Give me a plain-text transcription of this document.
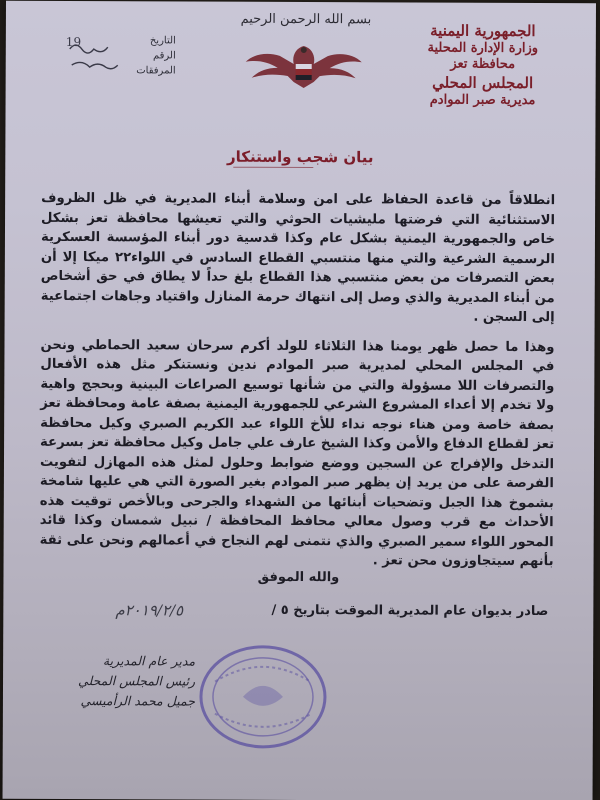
الجمهورية اليمنية
وزارة الإدارة المحلية
محافظة تعز
المجلس المحلي
مديرية صبر الموادم
بسم الله الرحمن الرحيم
التاريخ
19
الرقم
المرفقات
بيان شجب واستنكار

انطلاقاً من قاعدة الحفاظ على امن وسلامة أبناء المديرية في ظل الظروف الاستثنائية التي فرضتها مليشيات الحوثي والتي تعيشها محافظة تعز بشكل خاص والجمهورية اليمنية بشكل عام وكذا قدسية دور أبناء المؤسسة العسكرية الرسمية الشرعية والتي منها منتسبي القطاع السادس في اللواء٢٢ ميكا إلا أن بعض التصرفات من بعض منتسبي هذا القطاع بلغ حداً لا يطاق في حق أشخاص من أبناء المديرية والذي وصل إلى انتهاك حرمة المنازل واقتياد وجاهات اجتماعية إلى السجن .

وهذا ما حصل ظهر يومنا هذا الثلاثاء للولد أكرم سرحان سعيد الحماطي ونحن في المجلس المحلي لمديرية صبر الموادم ندين ونستنكر مثل هذه الأفعال والتصرفات اللا مسؤولة والتي من شأنها توسيع الصراعات البينية وبحجج واهية ولا تخدم إلا أعداء المشروع الشرعي للجمهورية اليمنية بصفة عامة ومحافظة تعز بصفة خاصة ومن هناء نوجه نداء للأخ اللواء عبد الكريم الصبري وكيل محافظة تعز لقطاع الدفاع والأمن وكذا الشيخ عارف علي جامل وكيل محافظة تعز بسرعة التدخل والإفراج عن السجين ووضع ضوابط وحلول لمثل هذه المهازل لتفويت الفرصة على من يريد إن يظهر صبر الموادم بغير الصورة التي هي عليها شامخة بشموخ هذا الجبل وتضحيات أبنائها من الشهداء والجرحى وبالأخص توقيت هذه الأحداث مع قرب وصول معالي محافظ المحافظة / نبيل شمسان وكذا قائد المحور اللواء سمير الصبري والذي نتمنى لهم النجاح في أعمالهم ونحن على ثقة بأنهم سيتجاوزون محن تعز .

والله الموفق
صادر بديوان عام المديرية الموقت بتاريخ ٥ /
٢٠١٩/٢/٥م
مدير عام المديرية
رئيس المجلس المحلي
جميل محمد الرأميسي
